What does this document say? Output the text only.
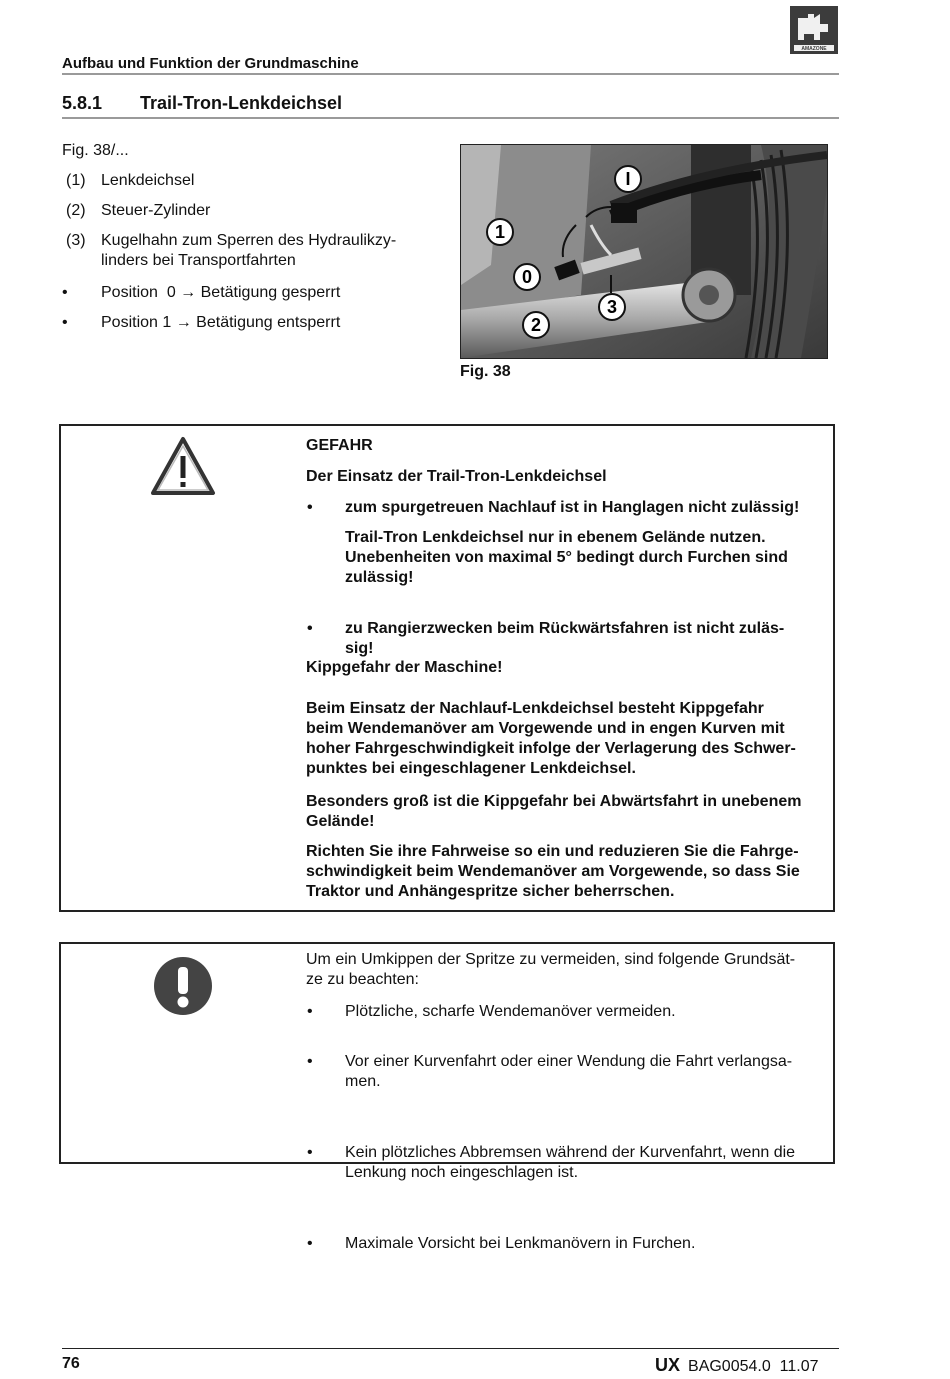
Aufbau und Funktion der Grundmaschine
AMAZONE
5.8.1 Trail-Tron-Lenkdeichsel
Fig. 38/...
(1) Lenkdeichsel
(2) Steuer-Zylinder
(3) Kugelhahn zum Sperren des Hydraulikzy-
linders bei Transportfahrten
• Position  0 → Betätigung gesperrt
• Position 1 → Betätigung entsperrt
1
0
2
3
I
Fig. 38
GEFAHR
Der Einsatz der Trail-Tron-Lenkdeichsel
• zum spurgetreuen Nachlauf ist in Hanglagen nicht zulässig!
Trail-Tron Lenkdeichsel nur in ebenem Gelände nutzen.
Unebenheiten von maximal 5° bedingt durch Furchen sind
zulässig!
• zu Rangierzwecken beim Rückwärtsfahren ist nicht zuläs-
sig!
Kippgefahr der Maschine!
Beim Einsatz der Nachlauf-Lenkdeichsel besteht Kippgefahr
beim Wendemanöver am Vorgewende und in engen Kurven mit
hoher Fahrgeschwindigkeit infolge der Verlagerung des Schwer-
punktes bei eingeschlagener Lenkdeichsel.
Besonders groß ist die Kippgefahr bei Abwärtsfahrt in unebenem
Gelände!
Richten Sie ihre Fahrweise so ein und reduzieren Sie die Fahrge-
schwindigkeit beim Wendemanöver am Vorgewende, so dass Sie
Traktor und Anhängespritze sicher beherrschen.
Um ein Umkippen der Spritze zu vermeiden, sind folgende Grundsät-
ze zu beachten:
• Plötzliche, scharfe Wendemanöver vermeiden.
• Vor einer Kurvenfahrt oder einer Wendung die Fahrt verlangsa-
men.
• Kein plötzliches Abbremsen während der Kurvenfahrt, wenn die
Lenkung noch eingeschlagen ist.
• Maximale Vorsicht bei Lenkmanövern in Furchen.
76	UX BAG0054.0  11.07
